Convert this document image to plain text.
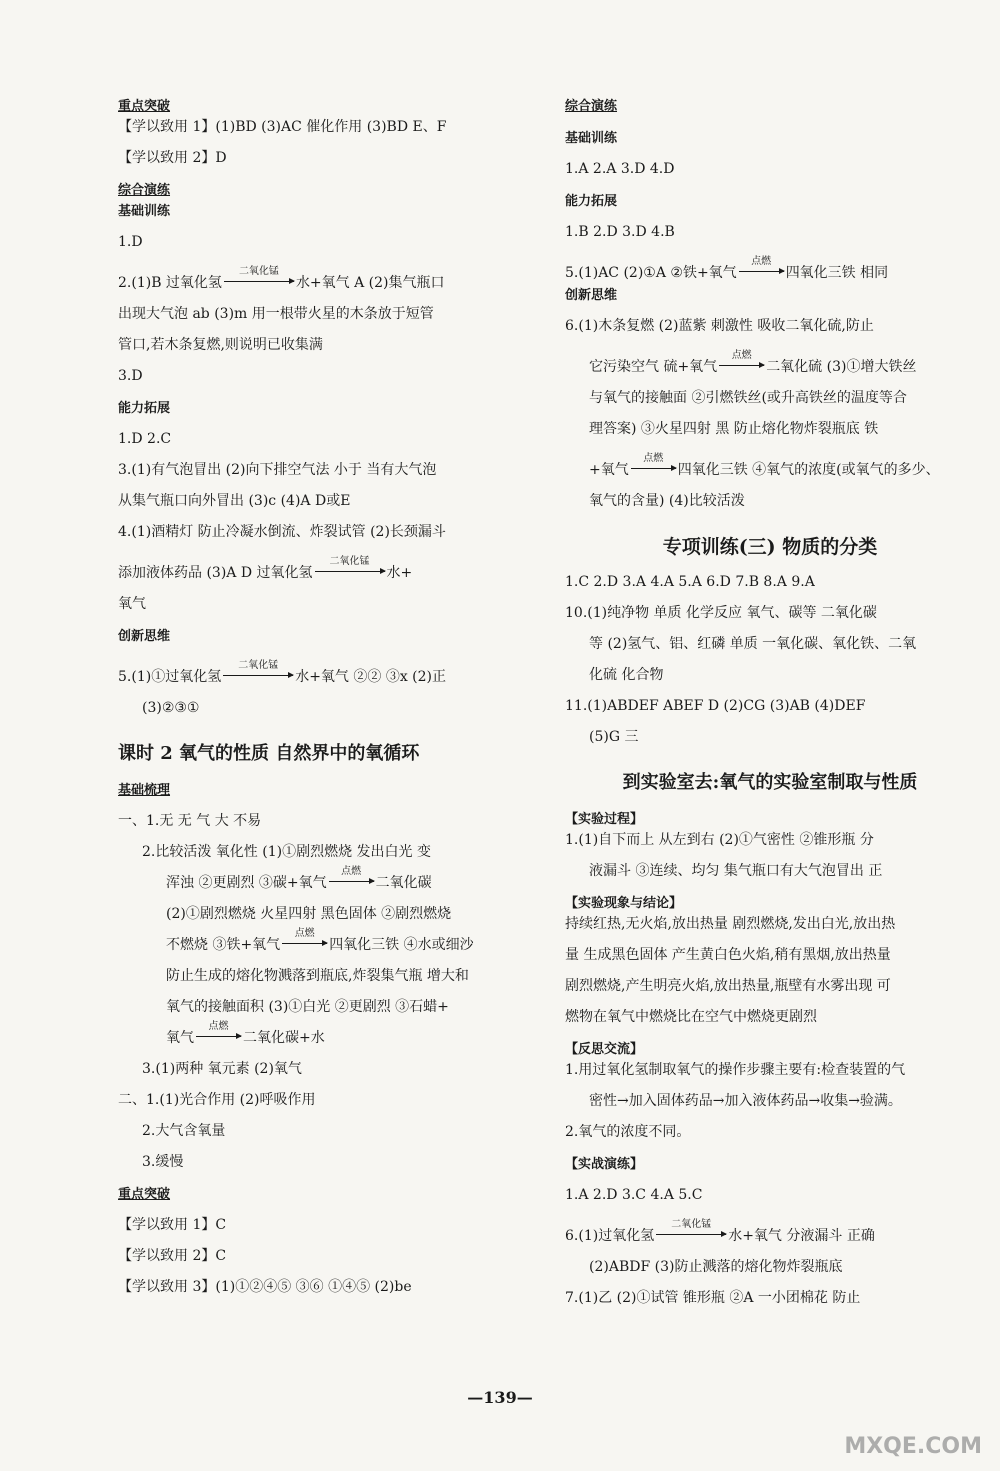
重点突破

【学以致用 1】(1)BD (3)AC 催化作用 (3)BD E、F

【学以致用 2】D

综合演练

基础训练

1.D

2.(1)B 过氧化氢
二氧化锰
水+氧气 A (2)集气瓶口

出现大气泡 ab (3)m 用一根带火星的木条放于短管

管口,若木条复燃,则说明已收集满

3.D

能力拓展

1.D 2.C

3.(1)有气泡冒出 (2)向下排空气法 小于 当有大气泡

从集气瓶口向外冒出 (3)c (4)A D或E

4.(1)酒精灯 防止冷凝水倒流、炸裂试管 (2)长颈漏斗

添加液体药品 (3)A D 过氧化氢
二氧化锰
水+

氧气

创新思维

5.(1)①过氧化氢
二氧化锰
水+氧气 ②② ③x (2)正

(3)②③①

课时 2 氧气的性质 自然界中的氧循环
基础梳理

一、1.无 无 气 大 不易

2.比较活泼 氧化性 (1)①剧烈燃烧 发出白光 变

浑浊 ②更剧烈 ③碳+氧气
点燃
二氧化碳

(2)①剧烈燃烧 火星四射 黑色固体 ②剧烈燃烧

不燃烧 ③铁+氧气
点燃
四氧化三铁 ④水或细沙

防止生成的熔化物溅落到瓶底,炸裂集气瓶 增大和

氧气的接触面积 (3)①白光 ②更剧烈 ③石蜡+

氧气
点燃
二氧化碳+水

3.(1)两种 氧元素 (2)氧气

二、1.(1)光合作用 (2)呼吸作用

2.大气含氧量

3.缓慢

重点突破

【学以致用 1】C

【学以致用 2】C

【学以致用 3】(1)①②④⑤ ③⑥ ①④⑤ (2)be

综合演练
基础训练

1.A 2.A 3.D 4.D

能力拓展

1.B 2.D 3.D 4.B

5.(1)AC (2)①A ②铁+氧气
点燃
四氧化三铁 相同

创新思维

6.(1)木条复燃 (2)蓝紫 刺激性 吸收二氧化硫,防止

它污染空气 硫+氧气
点燃
二氧化硫 (3)①增大铁丝

与氧气的接触面 ②引燃铁丝(或升高铁丝的温度等合

理答案) ③火星四射 黑 防止熔化物炸裂瓶底 铁

+氧气
点燃
四氧化三铁 ④氧气的浓度(或氧气的多少、

氧气的含量) (4)比较活泼

专项训练(三) 物质的分类

1.C 2.D 3.A 4.A 5.A 6.D 7.B 8.A 9.A

10.(1)纯净物 单质 化学反应 氧气、碳等 二氧化碳

等 (2)氢气、铝、红磷 单质 一氧化碳、氧化铁、二氧

化硫 化合物

11.(1)ABDEF ABEF D (2)CG (3)AB (4)DEF

(5)G 三

到实验室去:氧气的实验室制取与性质
【实验过程】

1.(1)自下而上 从左到右 (2)①气密性 ②锥形瓶 分

液漏斗 ③连续、均匀 集气瓶口有大气泡冒出 正

【实验现象与结论】

持续红热,无火焰,放出热量 剧烈燃烧,发出白光,放出热

量 生成黑色固体 产生黄白色火焰,稍有黑烟,放出热量

剧烈燃烧,产生明亮火焰,放出热量,瓶壁有水雾出现 可

燃物在氧气中燃烧比在空气中燃烧更剧烈

【反思交流】

1.用过氧化氢制取氧气的操作步骤主要有:检查装置的气

密性→加入固体药品→加入液体药品→收集→验满。

2.氧气的浓度不同。

【实战演练】

1.A 2.D 3.C 4.A 5.C

6.(1)过氧化氢
二氧化锰
水+氧气 分液漏斗 正确

(2)ABDF (3)防止溅落的熔化物炸裂瓶底

7.(1)乙 (2)①试管 锥形瓶 ②A 一小团棉花 防止

—139—
MXQE.COM
